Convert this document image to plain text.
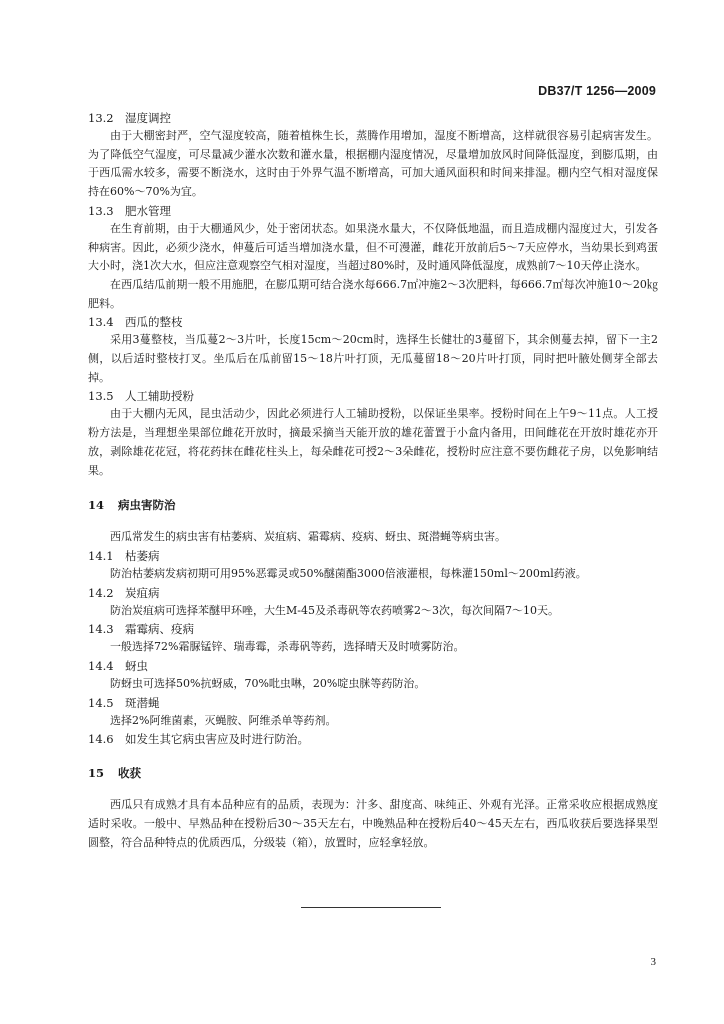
DB37/T 1256—2009
13.2 湿度调控

由于大棚密封严，空气湿度较高，随着植株生长，蒸腾作用增加，湿度不断增高，这样就很容易引起病害发生。为了降低空气湿度，可尽量减少灌水次数和灌水量，根据棚内湿度情况，尽量增加放风时间降低湿度，到膨瓜期，由于西瓜需水较多，需要不断浇水，这时由于外界气温不断增高，可加大通风面积和时间来排湿。棚内空气相对湿度保持在60%～70%为宜。

13.3 肥水管理

在生育前期，由于大棚通风少，处于密闭状态。如果浇水量大，不仅降低地温，而且造成棚内湿度过大，引发各种病害。因此，必须少浇水，伸蔓后可适当增加浇水量，但不可漫灌，雌花开放前后5～7天应停水，当幼果长到鸡蛋大小时，浇1次大水，但应注意观察空气相对湿度，当超过80%时，及时通风降低湿度，成熟前7～10天停止浇水。

在西瓜结瓜前期一般不用施肥，在膨瓜期可结合浇水每666.7㎡冲施2～3次肥料，每666.7㎡每次冲施10～20㎏肥料。

13.4 西瓜的整枝

采用3蔓整枝，当瓜蔓2～3片叶，长度15cm～20cm时，选择生长健壮的3蔓留下，其余侧蔓去掉，留下一主2侧，以后适时整枝打叉。坐瓜后在瓜前留15～18片叶打顶，无瓜蔓留18～20片叶打顶，同时把叶腋处侧芽全部去掉。

13.5 人工辅助授粉

由于大棚内无风，昆虫活动少，因此必须进行人工辅助授粉，以保证坐果率。授粉时间在上午9～11点。人工授粉方法是，当理想坐果部位雌花开放时，摘最采摘当天能开放的雄花蕾置于小盒内备用，田间雌花在开放时雄花亦开放，剥除雄花花冠，将花药抹在雌花柱头上，每朵雌花可授2～3朵雌花，授粉时应注意不要伤雌花子房，以免影响结果。

14 病虫害防治

西瓜常发生的病虫害有枯萎病、炭疽病、霜霉病、疫病、蚜虫、斑潜蝇等病虫害。

14.1 枯萎病

防治枯萎病发病初期可用95%恶霉灵或50%醚菌酯3000倍液灌根，每株灌150ml～200ml药液。

14.2 炭疽病

防治炭疽病可选择苯醚甲环唑，大生M-45及杀毒矾等农药喷雾2～3次，每次间隔7～10天。

14.3 霜霉病、疫病

一般选择72%霜脲锰锌、瑞毒霉，杀毒矾等药，选择晴天及时喷雾防治。

14.4 蚜虫

防蚜虫可选择50%抗蚜威，70%吡虫啉，20%啶虫脒等药防治。

14.5 斑潜蝇

选择2%阿维菌素，灭蝇胺、阿维杀单等药剂。

14.6 如发生其它病虫害应及时进行防治。
15 收获

西瓜只有成熟才具有本品种应有的品质，表现为：汁多、甜度高、味纯正、外观有光泽。正常采收应根据成熟度适时采收。一般中、早熟品种在授粉后30～35天左右，中晚熟品种在授粉后40～45天左右，西瓜收获后要选择果型圆整，符合品种特点的优质西瓜，分级装（箱），放置时，应轻拿轻放。

3
